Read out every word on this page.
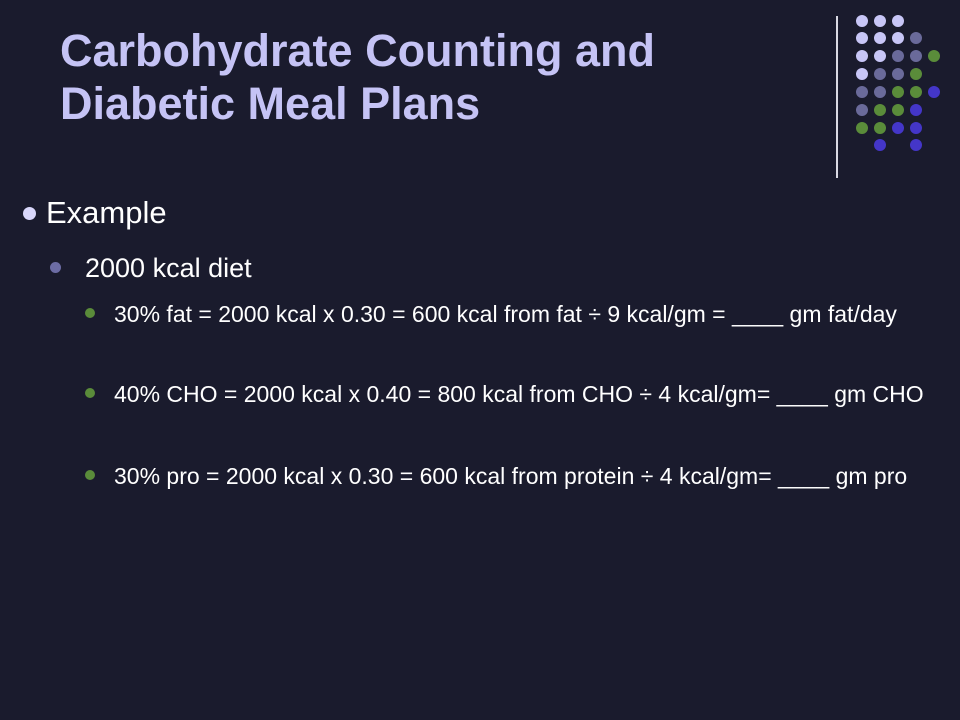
Carbohydrate Counting and Diabetic Meal Plans
Example
2000 kcal diet
30% fat = 2000 kcal x 0.30 = 600 kcal from fat ÷ 9 kcal/gm = ____ gm fat/day
40% CHO = 2000 kcal x 0.40 = 800 kcal from CHO ÷ 4 kcal/gm= ____ gm CHO
30% pro = 2000 kcal x 0.30 = 600 kcal from protein ÷ 4 kcal/gm= ____ gm pro
